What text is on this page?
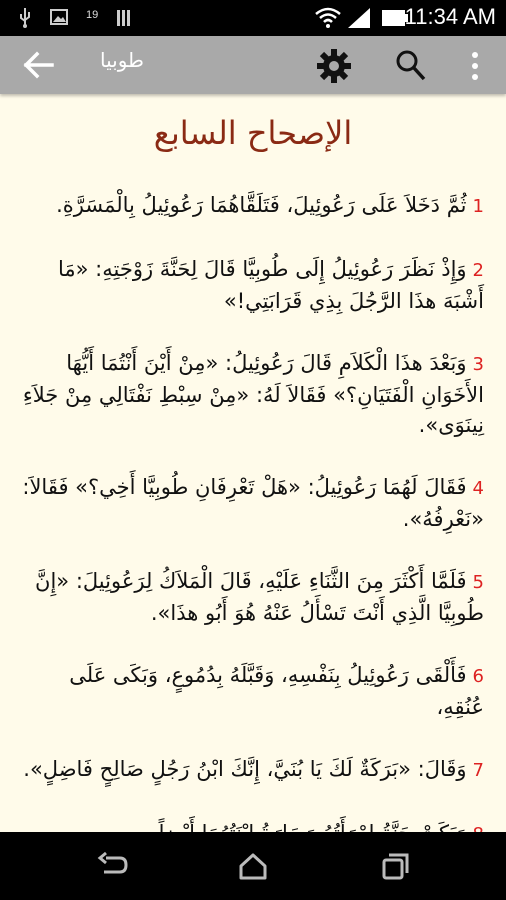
19	11:34 AM
طوبيا
الإصحاح السابع

1ثُمَّ دَخَلاَ عَلَى رَعُوئِيلَ، فَتَلَقَّاهُمَا رَعُوئِيلُ بِالْمَسَرَّةِ.

2وَإِذْ نَظَرَ رَعُوئِيلُ إِلَى طُوبِيَّا قَالَ لِحَنَّةَ زَوْجَتِهِ: «مَا أَشْبَهَ هذَا الرَّجُلَ بِذِي قَرَابَتِي!»

3وَبَعْدَ هذَا الْكَلاَمِ قَالَ رَعُوئِيلُ: «مِنْ أَيْنَ أَنْتُمَا أَيُّهَا الأَخَوَانِ الْفَتَيَانِ؟» فَقَالاَ لَهُ: «مِنْ سِبْطِ نَفْتَالِي مِنْ جَلاَءِ نِينَوَى».

4فَقَالَ لَهُمَا رَعُوئِيلُ: «هَلْ تَعْرِفَانِ طُوبِيَّا أَخِي؟» فَقَالاَ: «نَعْرِفُهُ».

5فَلَمَّا أَكْثَرَ مِنَ الثَّنَاءِ عَلَيْهِ، قَالَ الْمَلاَكُ لِرَعُوئِيلَ: «إِنَّ طُوبِيَّا الَّذِي أَنْتَ تَسْأَلُ عَنْهُ هُوَ أَبُو هذَا».

6فَأَلْقَى رَعُوئِيلُ بِنَفْسِهِ، وَقَبَّلَهُ بِدُمُوعٍ، وَبَكَى عَلَى عُنُقِهِ،

7وَقَالَ: «بَرَكَةٌ لَكَ يَا بُنَيَّ، إِنَّكَ ابْنُ رَجُلٍ صَالِحٍ فَاضِلٍ».
